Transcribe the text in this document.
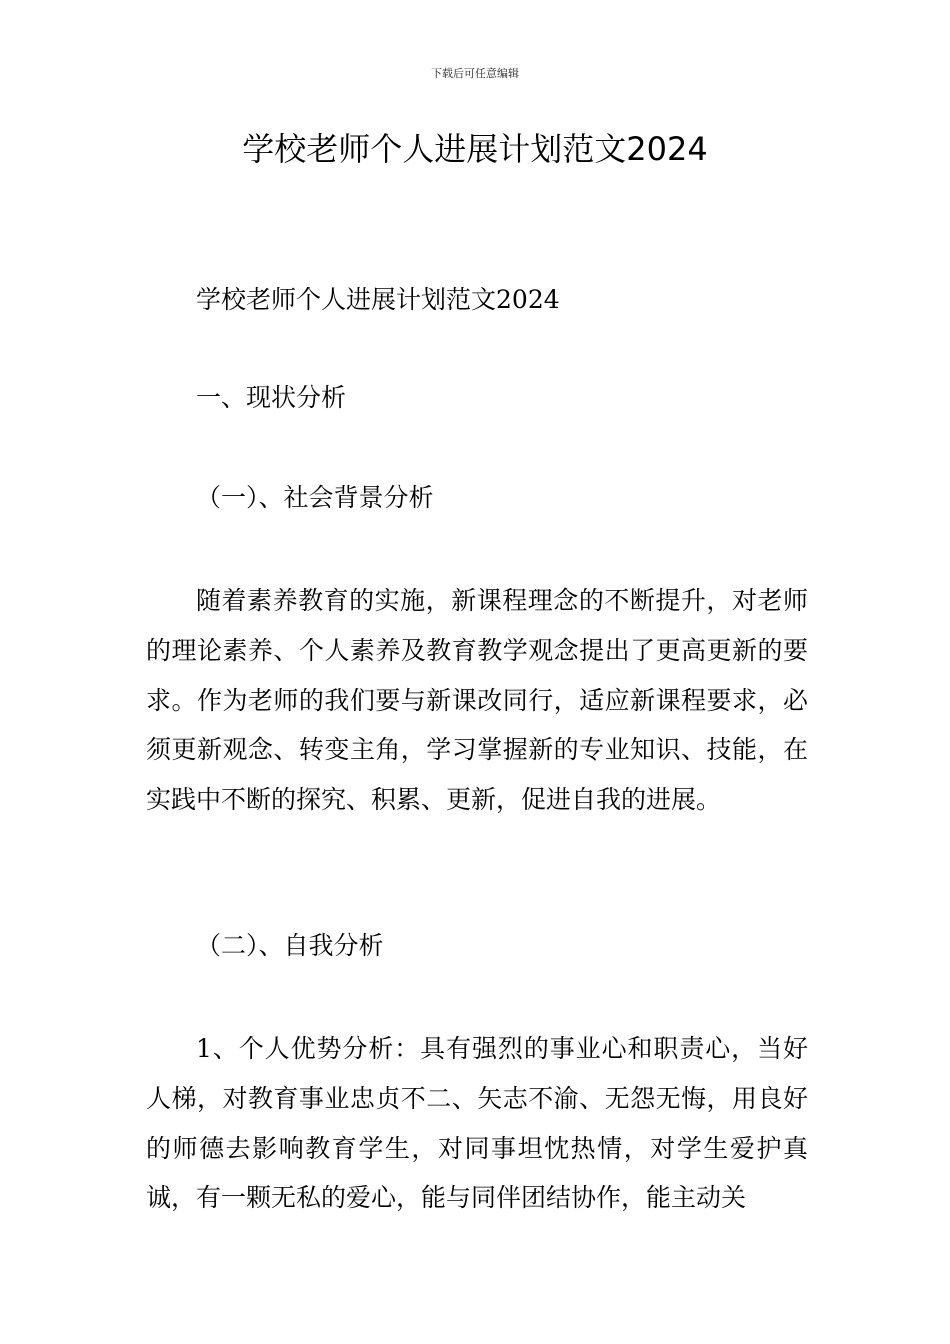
下载后可任意编辑
学校老师个人进展计划范文2024
学校老师个人进展计划范文2024
一、现状分析
（一）、社会背景分析

随着素养教育的实施，新课程理念的不断提升，对老师的理论素养、个人素养及教育教学观念提出了更高更新的要求。作为老师的我们要与新课改同行，适应新课程要求，必须更新观念、转变主角，学习掌握新的专业知识、技能，在实践中不断的探究、积累、更新，促进自我的进展。

（二）、自我分析

1、个人优势分析：具有强烈的事业心和职责心，当好人梯，对教育事业忠贞不二、矢志不渝、无怨无悔，用良好的师德去影响教育学生，对同事坦忱热情，对学生爱护真诚，有一颗无私的爱心，能与同伴团结协作，能主动关
